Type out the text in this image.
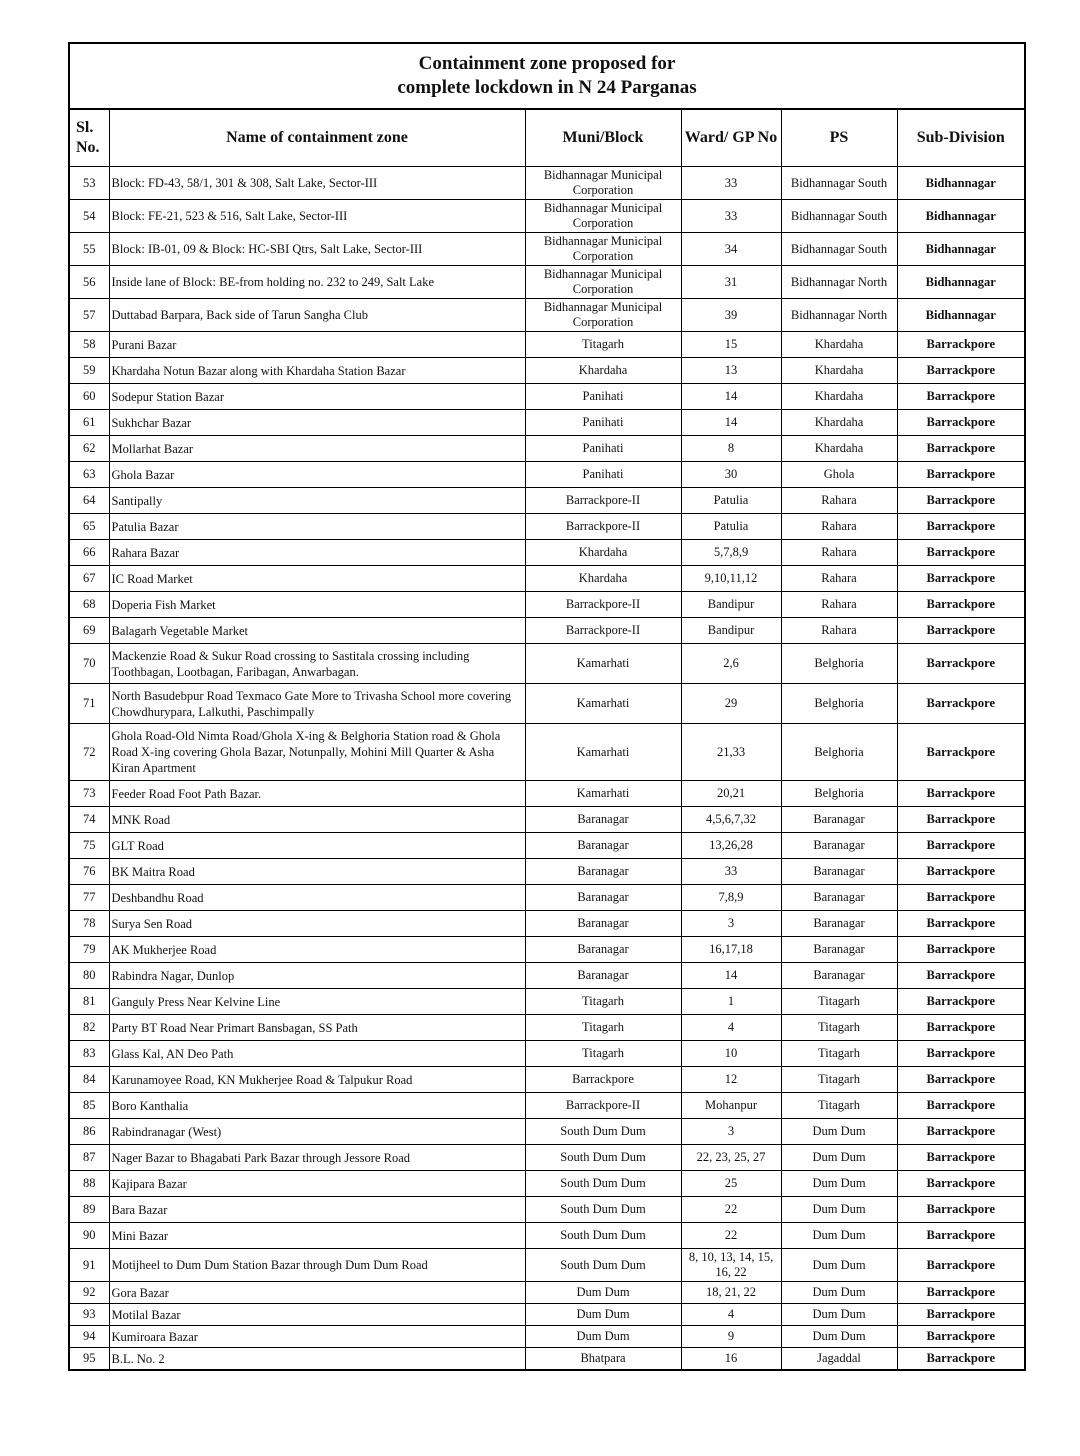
Containment zone proposed for
complete lockdown in N 24 Parganas
Sl.
No.	Name of containment zone	Muni/Block	Ward/ GP No	PS	Sub-Division
53	Block: FD-43, 58/1, 301 & 308, Salt Lake, Sector-III	Bidhannagar Municipal Corporation	33	Bidhannagar South	Bidhannagar
54	Block: FE-21, 523 & 516, Salt Lake, Sector-III	Bidhannagar Municipal Corporation	33	Bidhannagar South	Bidhannagar
55	Block: IB-01, 09 & Block: HC-SBI Qtrs, Salt Lake, Sector-III	Bidhannagar Municipal Corporation	34	Bidhannagar South	Bidhannagar
56	Inside lane of Block: BE-from holding no. 232 to 249, Salt Lake	Bidhannagar Municipal Corporation	31	Bidhannagar North	Bidhannagar
57	Duttabad Barpara, Back side of Tarun Sangha Club	Bidhannagar Municipal Corporation	39	Bidhannagar North	Bidhannagar
58	Purani Bazar	Titagarh	15	Khardaha	Barrackpore
59	Khardaha Notun Bazar along with Khardaha Station Bazar	Khardaha	13	Khardaha	Barrackpore
60	Sodepur Station Bazar	Panihati	14	Khardaha	Barrackpore
61	Sukhchar Bazar	Panihati	14	Khardaha	Barrackpore
62	Mollarhat Bazar	Panihati	8	Khardaha	Barrackpore
63	Ghola Bazar	Panihati	30	Ghola	Barrackpore
64	Santipally	Barrackpore-II	Patulia	Rahara	Barrackpore
65	Patulia Bazar	Barrackpore-II	Patulia	Rahara	Barrackpore
66	Rahara Bazar	Khardaha	5,7,8,9	Rahara	Barrackpore
67	IC Road Market	Khardaha	9,10,11,12	Rahara	Barrackpore
68	Doperia Fish Market	Barrackpore-II	Bandipur	Rahara	Barrackpore
69	Balagarh Vegetable Market	Barrackpore-II	Bandipur	Rahara	Barrackpore
70	Mackenzie Road & Sukur Road crossing to Sastitala crossing including Toothbagan, Lootbagan, Faribagan, Anwarbagan.	Kamarhati	2,6	Belghoria	Barrackpore
71	North Basudebpur Road Texmaco Gate More to Trivasha School more covering Chowdhurypara, Lalkuthi, Paschimpally	Kamarhati	29	Belghoria	Barrackpore
72	Ghola Road-Old Nimta Road/Ghola X-ing & Belghoria Station road & Ghola Road X-ing covering Ghola Bazar, Notunpally, Mohini Mill Quarter & Asha Kiran Apartment	Kamarhati	21,33	Belghoria	Barrackpore
73	Feeder Road Foot Path Bazar.	Kamarhati	20,21	Belghoria	Barrackpore
74	MNK Road	Baranagar	4,5,6,7,32	Baranagar	Barrackpore
75	GLT Road	Baranagar	13,26,28	Baranagar	Barrackpore
76	BK Maitra Road	Baranagar	33	Baranagar	Barrackpore
77	Deshbandhu Road	Baranagar	7,8,9	Baranagar	Barrackpore
78	Surya Sen Road	Baranagar	3	Baranagar	Barrackpore
79	AK Mukherjee Road	Baranagar	16,17,18	Baranagar	Barrackpore
80	Rabindra Nagar, Dunlop	Baranagar	14	Baranagar	Barrackpore
81	Ganguly Press Near Kelvine Line	Titagarh	1	Titagarh	Barrackpore
82	Party BT Road Near Primart Bansbagan, SS Path	Titagarh	4	Titagarh	Barrackpore
83	Glass Kal, AN Deo Path	Titagarh	10	Titagarh	Barrackpore
84	Karunamoyee Road, KN Mukherjee Road & Talpukur Road	Barrackpore	12	Titagarh	Barrackpore
85	Boro Kanthalia	Barrackpore-II	Mohanpur	Titagarh	Barrackpore
86	Rabindranagar (West)	South Dum Dum	3	Dum Dum	Barrackpore
87	Nager Bazar to Bhagabati Park Bazar through Jessore Road	South Dum Dum	22, 23, 25, 27	Dum Dum	Barrackpore
88	Kajipara Bazar	South Dum Dum	25	Dum Dum	Barrackpore
89	Bara Bazar	South Dum Dum	22	Dum Dum	Barrackpore
90	Mini Bazar	South Dum Dum	22	Dum Dum	Barrackpore
91	Motijheel to Dum Dum Station Bazar through Dum Dum Road	South Dum Dum	8, 10, 13, 14, 15, 16, 22	Dum Dum	Barrackpore
92	Gora Bazar	Dum Dum	18, 21, 22	Dum Dum	Barrackpore
93	Motilal Bazar	Dum Dum	4	Dum Dum	Barrackpore
94	Kumiroara Bazar	Dum Dum	9	Dum Dum	Barrackpore
95	B.L. No. 2	Bhatpara	16	Jagaddal	Barrackpore
